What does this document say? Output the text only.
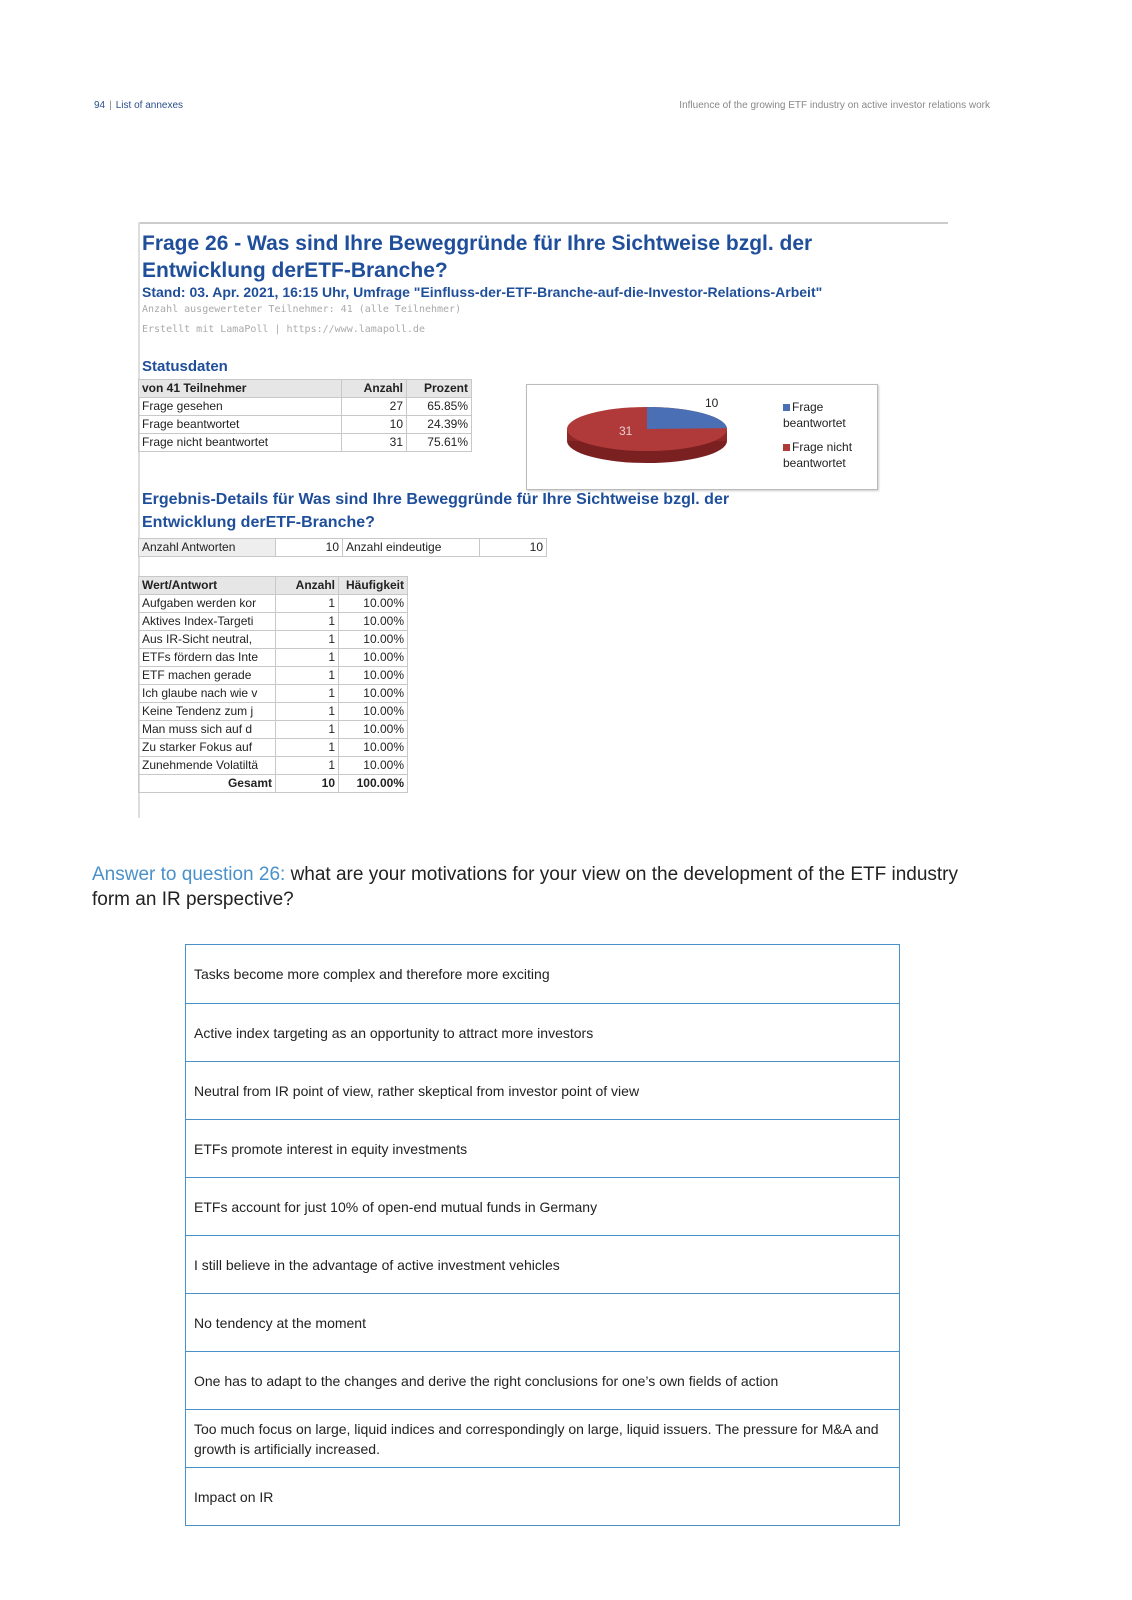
94 | List of annexes	Influence of the growing ETF industry on active investor relations work
Frage 26 - Was sind Ihre Beweggründe für Ihre Sichtweise bzgl. der
Entwicklung derETF-Branche?
Stand: 03. Apr. 2021, 16:15 Uhr, Umfrage "Einfluss-der-ETF-Branche-auf-die-Investor-Relations-Arbeit"
Anzahl ausgewerteter Teilnehmer: 41 (alle Teilnehmer)
Erstellt mit LamaPoll | https://www.lamapoll.de
Statusdaten
von 41 Teilnehmer	Anzahl	Prozent
Frage gesehen	27	65.85%
Frage beantwortet	10	24.39%
Frage nicht beantwortet	31	75.61%
10
31
Frage beantwortet
Frage nicht beantwortet
Ergebnis-Details für Was sind Ihre Beweggründe für Ihre Sichtweise bzgl. der
Entwicklung derETF-Branche?
Anzahl Antworten	10	Anzahl eindeutige	10
Wert/Antwort	Anzahl	Häufigkeit
Aufgaben werden kor	1	10.00%
Aktives Index-Targeti	1	10.00%
Aus IR-Sicht neutral,	1	10.00%
ETFs fördern das Inte	1	10.00%
ETF machen gerade	1	10.00%
Ich glaube nach wie v	1	10.00%
Keine Tendenz zum j	1	10.00%
Man muss sich auf d	1	10.00%
Zu starker Fokus auf	1	10.00%
Zunehmende Volatiltä	1	10.00%
Gesamt	10	100.00%
Answer to question 26: what are your motivations for your view on the development of the ETF industry form an IR perspective?
Tasks become more complex and therefore more exciting
Active index targeting as an opportunity to attract more investors
Neutral from IR point of view, rather skeptical from investor point of view
ETFs promote interest in equity investments
ETFs account for just 10% of open-end mutual funds in Germany
I still believe in the advantage of active investment vehicles
No tendency at the moment
One has to adapt to the changes and derive the right conclusions for one’s own fields of action
Too much focus on large, liquid indices and correspondingly on large, liquid issuers. The pressure for M&A and growth is artificially increased.
Impact on IR
